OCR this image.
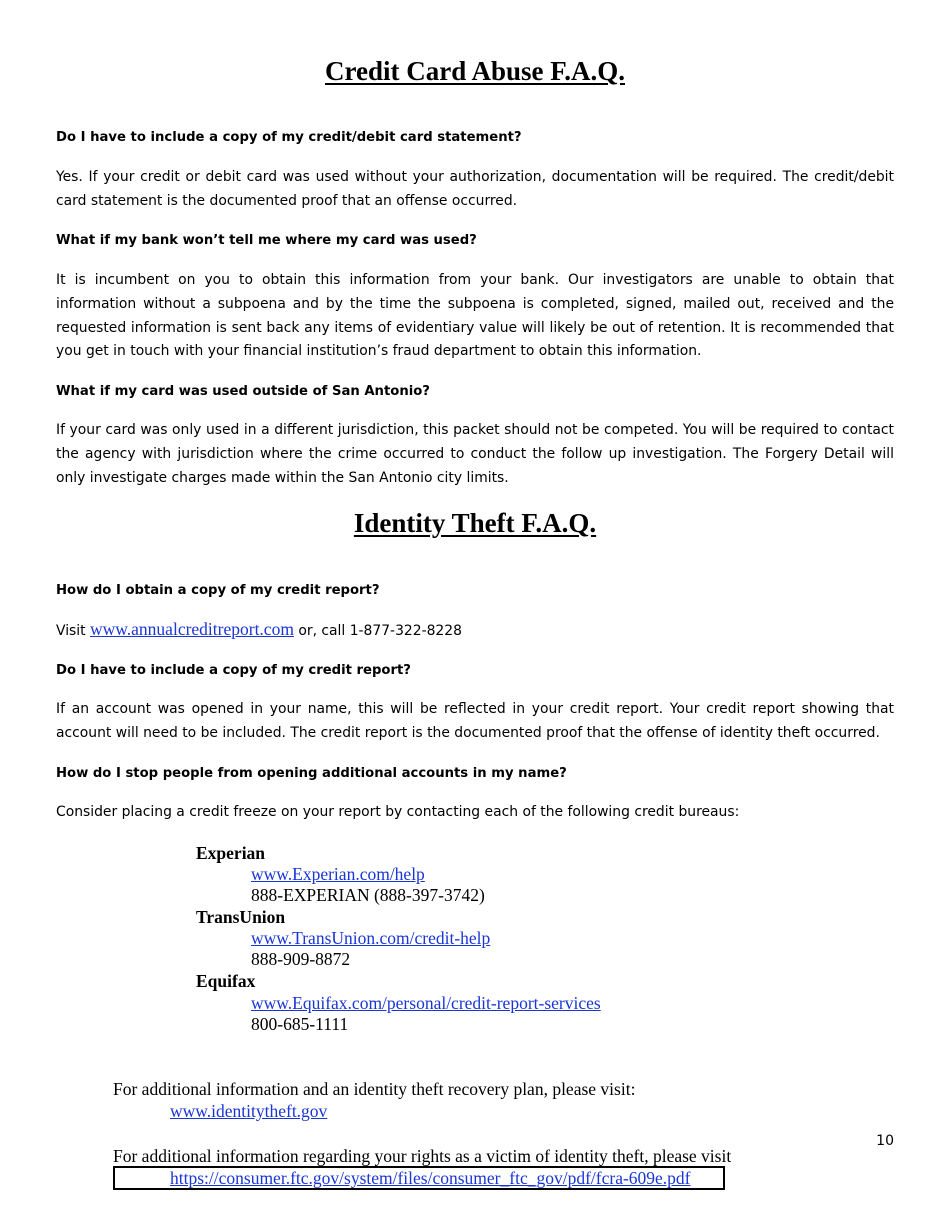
Credit Card Abuse F.A.Q.

Do I have to include a copy of my credit/debit card statement?

Yes. If your credit or debit card was used without your authorization, documentation will be required. The credit/debit card statement is the documented proof that an offense occurred.

What if my bank won’t tell me where my card was used?

It is incumbent on you to obtain this information from your bank. Our investigators are unable to obtain that information without a subpoena and by the time the subpoena is completed, signed, mailed out, received and the requested information is sent back any items of evidentiary value will likely be out of retention. It is recommended that you get in touch with your financial institution’s fraud department to obtain this information.

What if my card was used outside of San Antonio?

If your card was only used in a different jurisdiction, this packet should not be competed. You will be required to contact the agency with jurisdiction where the crime occurred to conduct the follow up investigation. The Forgery Detail will only investigate charges made within the San Antonio city limits.

Identity Theft F.A.Q.

How do I obtain a copy of my credit report?

Visit www.annualcreditreport.com or, call 1-877-322-8228

Do I have to include a copy of my credit report?

If an account was opened in your name, this will be reflected in your credit report. Your credit report showing that account will need to be included. The credit report is the documented proof that the offense of identity theft occurred.

How do I stop people from opening additional accounts in my name?

Consider placing a credit freeze on your report by contacting each of the following credit bureaus:

Experian

www.Experian.com/help

888-EXPERIAN (888-397-3742)

TransUnion

www.TransUnion.com/credit-help

888-909-8872

Equifax

www.Equifax.com/personal/credit-report-services

800-685-1111

For additional information and an identity theft recovery plan, please visit:

www.identitytheft.gov

For additional information regarding your rights as a victim of identity theft, please visit

https://consumer.ftc.gov/system/files/consumer_ftc_gov/pdf/fcra-609e.pdf

10
